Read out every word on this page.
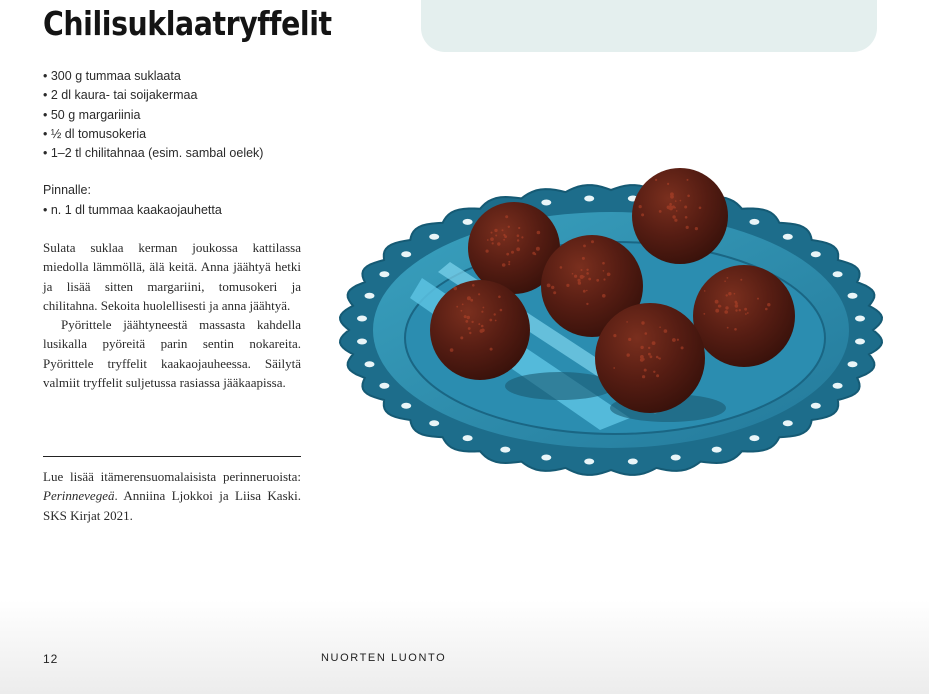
Chilisuklaatryffelit
• 300 g tummaa suklaata
• 2 dl kaura- tai soijakermaa
• 50 g margariinia
• ½ dl tomusokeria
• 1–2 tl chilitahnaa (esim. sambal oelek)

Pinnalle:

• n. 1 dl tummaa kaakaojauhetta

Sulata suklaa kerman joukossa kattilassa miedolla lämmöllä, älä keitä. Anna jäähtyä hetki ja lisää sitten margariini, tomusokeri ja chilitahna. Sekoita huolellisesti ja anna jäähtyä.

Pyörittele jäähtyneestä massasta kahdella lusikalla pyöreitä parin sentin nokareita. Pyörittele tryffelit kaakaojauheessa. Säilytä valmiit tryffelit suljetussa rasiassa jääkaapissa.

Lue lisää itämerensuomalaisista perinneruoista: Perinnevegeä. Anniina Ljokkoi ja Liisa Kaski. SKS Kirjat 2021.

12	NUORTEN LUONTO
